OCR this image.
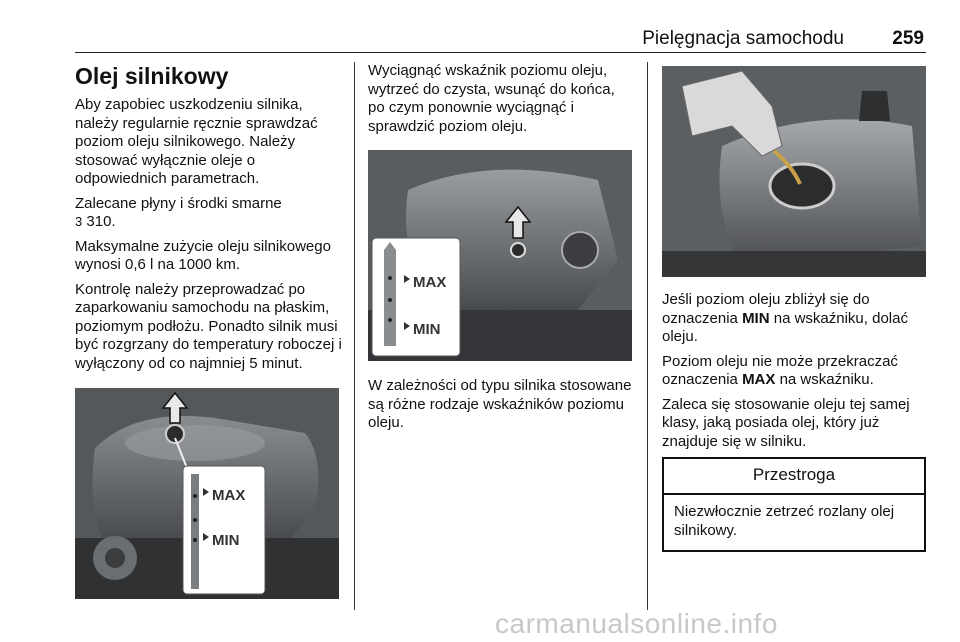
Pielęgnacja samochodu	259
Olej silnikowy

Aby zapobiec uszkodzeniu silnika, należy regularnie ręcznie sprawdzać poziom oleju silnikowego. Należy stosować wyłącznie oleje o odpowiednich parametrach.

Zalecane płyny i środki smarne
3 310.

Maksymalne zużycie oleju silnikowego wynosi 0,6 l na 1000 km.

Kontrolę należy przeprowadzać po zaparkowaniu samochodu na płaskim, poziomym podłożu. Ponadto silnik musi być rozgrzany do temperatury roboczej i wyłączony od co najmniej 5 minut.

MAX
MIN

Wyciągnąć wskaźnik poziomu oleju, wytrzeć do czysta, wsunąć do końca, po czym ponownie wyciągnąć i sprawdzić poziom oleju.

MAX
MIN

W zależności od typu silnika stosowane są różne rodzaje wskaźników poziomu oleju.

Jeśli poziom oleju zbliżył się do oznaczenia MIN na wskaźniku, dolać oleju.

Poziom oleju nie może przekraczać oznaczenia MAX na wskaźniku.

Zaleca się stosowanie oleju tej samej klasy, jaką posiada olej, który już znajduje się w silniku.

Przestroga
Niezwłocznie zetrzeć rozlany olej silnikowy.
carmanualsonline.info
